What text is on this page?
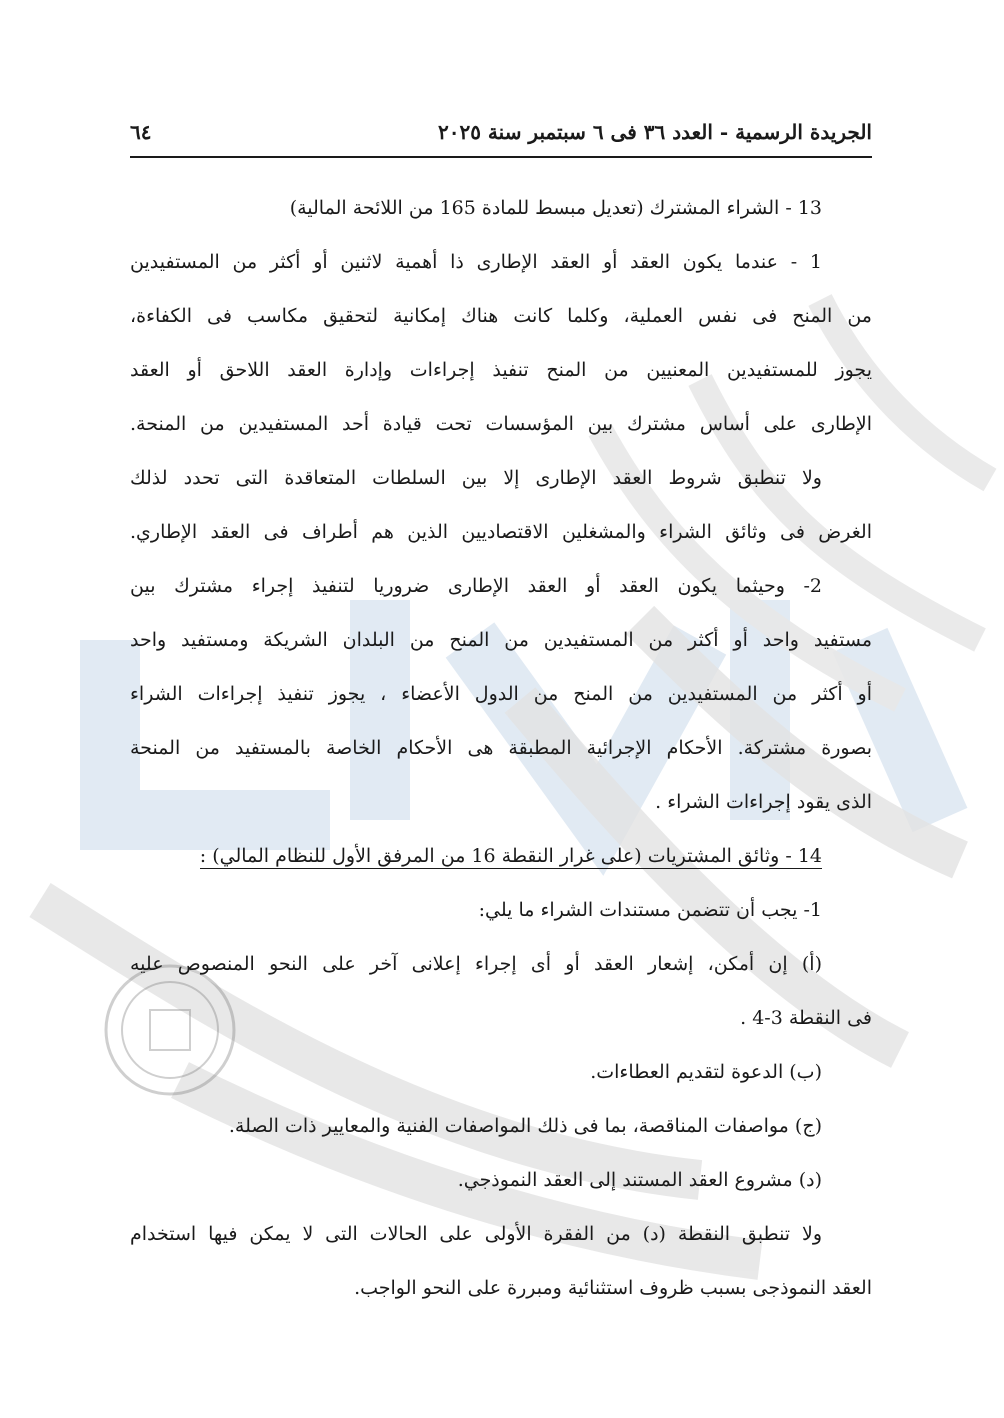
الجريدة الرسمية - العدد ٣٦ فى ٦ سبتمبر سنة ٢٠٢٥
٦٤
13 - الشراء المشترك (تعديل مبسط للمادة 165 من اللائحة المالية)
1 - عندما يكون العقد أو العقد الإطارى ذا أهمية لاثنين أو أكثر من المستفيدين
من المنح فى نفس العملية، وكلما كانت هناك إمكانية لتحقيق مكاسب فى الكفاءة،
يجوز للمستفيدين المعنيين من المنح تنفيذ إجراءات وإدارة العقد اللاحق أو العقد
الإطارى على أساس مشترك بين المؤسسات تحت قيادة أحد المستفيدين من المنحة.
ولا تنطبق شروط العقد الإطارى إلا بين السلطات المتعاقدة التى تحدد لذلك
الغرض فى وثائق الشراء والمشغلين الاقتصاديين الذين هم أطراف فى العقد الإطاري.
2- وحيثما يكون العقد أو العقد الإطارى ضروريا لتنفيذ إجراء مشترك بين
مستفيد واحد أو أكثر من المستفيدين من المنح من البلدان الشريكة ومستفيد واحد
أو أكثر من المستفيدين من المنح من الدول الأعضاء ، يجوز تنفيذ إجراءات الشراء
بصورة مشتركة. الأحكام الإجرائية المطبقة هى الأحكام الخاصة بالمستفيد من المنحة
الذى يقود إجراءات الشراء .
14 - وثائق المشتريات (على غرار النقطة 16 من المرفق الأول للنظام المالي) :
1- يجب أن تتضمن مستندات الشراء ما يلي:
(أ) إن أمكن، إشعار العقد أو أى إجراء إعلانى آخر على النحو المنصوص عليه
فى النقطة 3-4 .
(ب) الدعوة لتقديم العطاءات.
(ج) مواصفات المناقصة، بما فى ذلك المواصفات الفنية والمعايير ذات الصلة.
(د) مشروع العقد المستند إلى العقد النموذجي.
ولا تنطبق النقطة (د) من الفقرة الأولى على الحالات التى لا يمكن فيها استخدام
العقد النموذجى بسبب ظروف استثنائية ومبررة على النحو الواجب.
